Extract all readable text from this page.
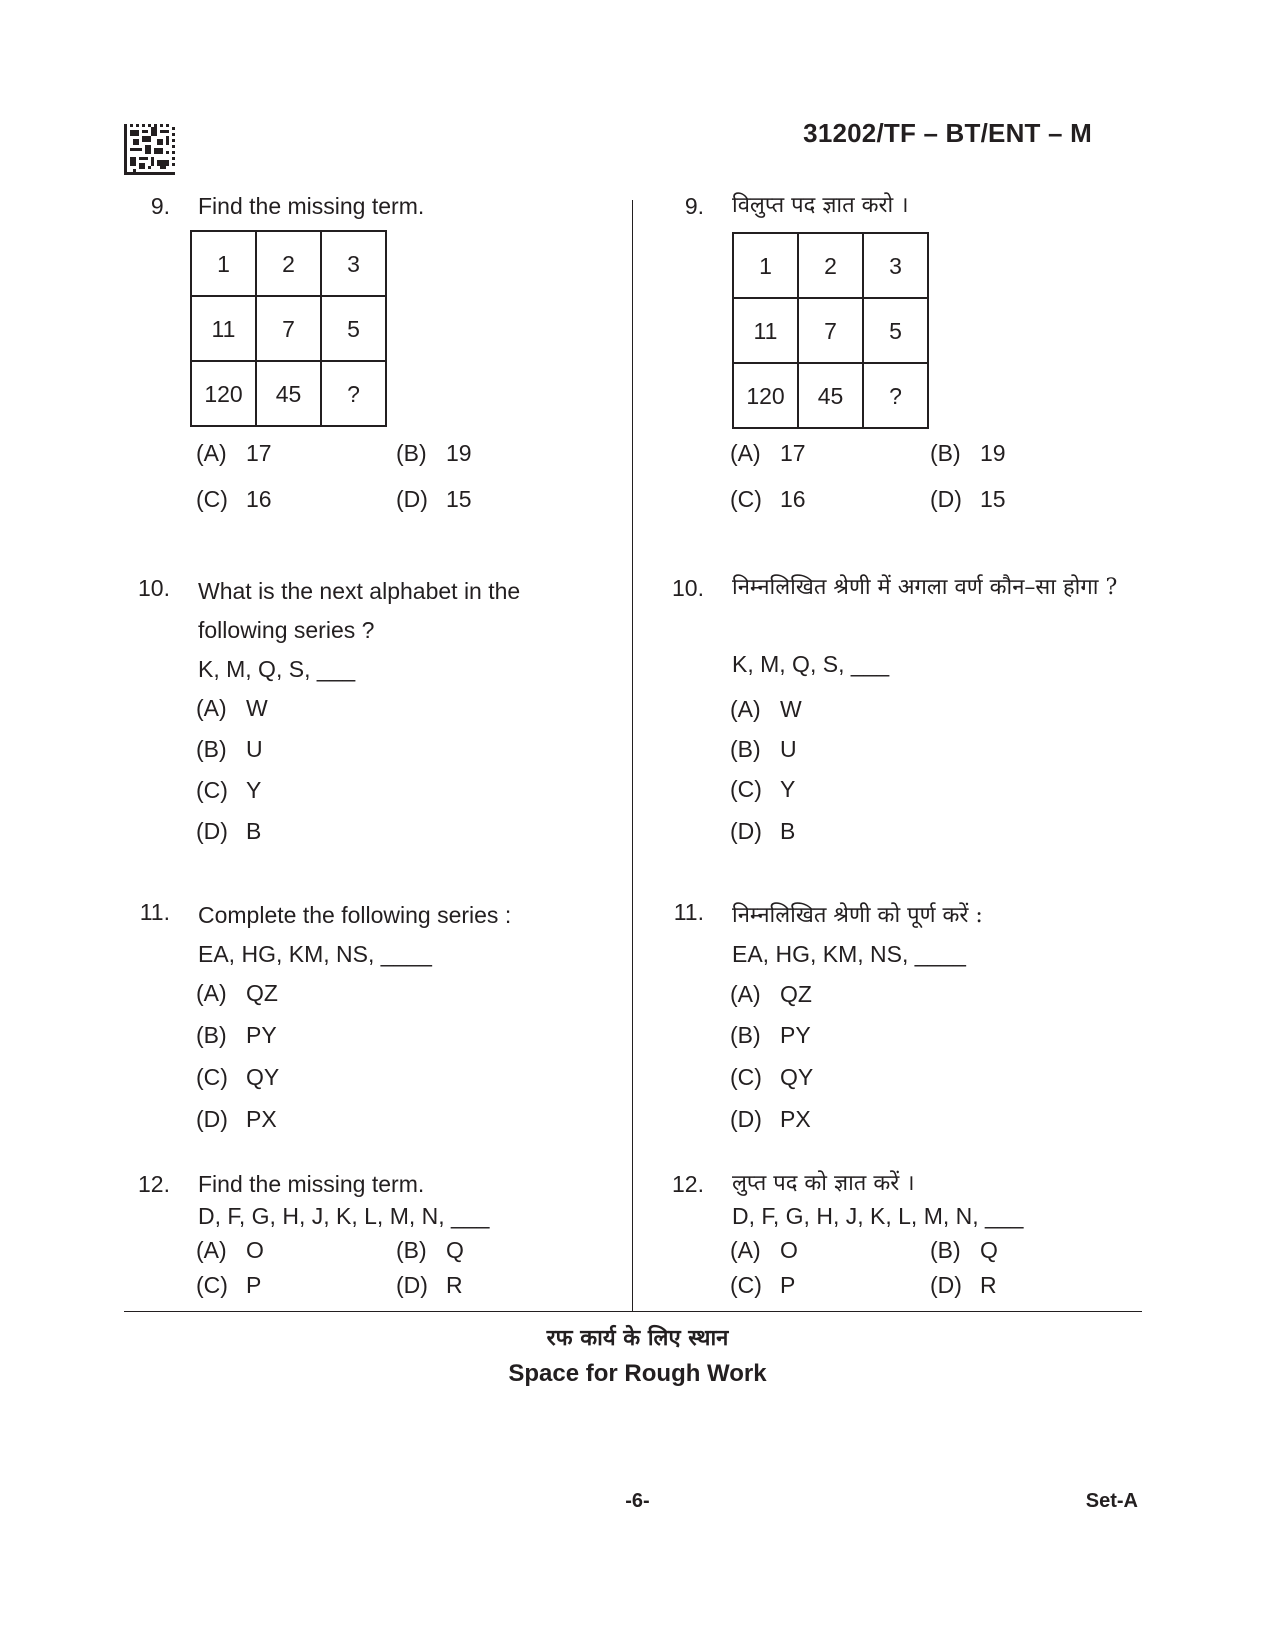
31202/TF – BT/ENT – M
9. Find the missing term.
1	2	3
11	7	5
120	45	?
(A) 17	(B) 19
(C) 16	(D) 15
10. What is the next alphabet in the
following series ?
K, M, Q, S, ___
(A) W
(B) U
(C) Y
(D) B
11. Complete the following series :
EA, HG, KM, NS, ____
(A) QZ
(B) PY
(C) QY
(D) PX
12. Find the missing term.
D, F, G, H, J, K, L, M, N, ___
(A) O	(B) Q
(C) P	(D) R
9. विलुप्त पद ज्ञात करो ।
1	2	3
11	7	5
120	45	?
(A) 17	(B) 19
(C) 16	(D) 15
10. निम्नलिखित श्रेणी में अगला वर्ण कौन–सा होगा ?
K, M, Q, S, ___
(A) W
(B) U
(C) Y
(D) B
11. निम्नलिखित श्रेणी को पूर्ण करें :
EA, HG, KM, NS, ____
(A) QZ
(B) PY
(C) QY
(D) PX
12. लुप्त पद को ज्ञात करें ।
D, F, G, H, J, K, L, M, N, ___
(A) O	(B) Q
(C) P	(D) R
रफ कार्य के लिए स्थान
Space for Rough Work
-6-	Set-A
